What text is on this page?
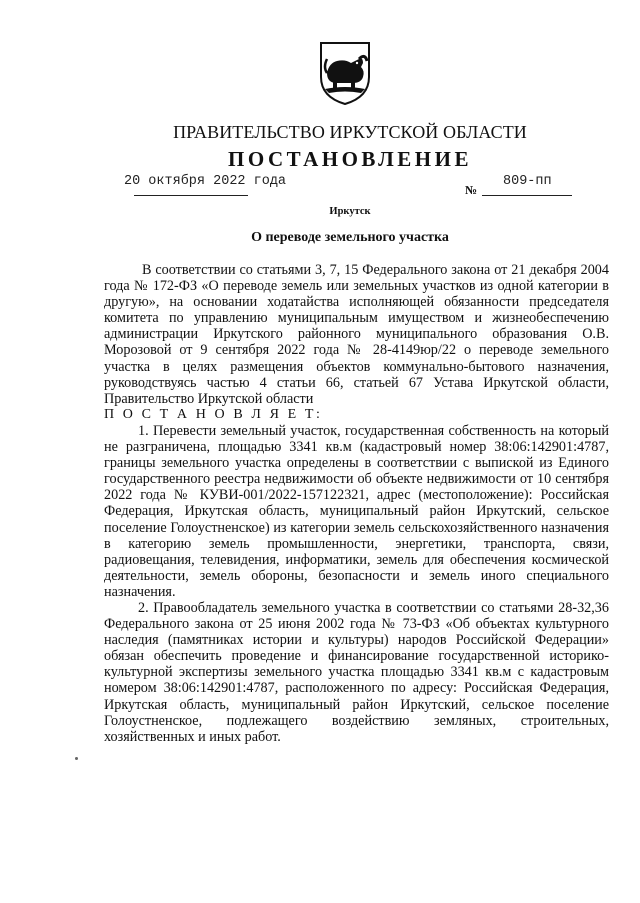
ПРАВИТЕЛЬСТВО ИРКУТСКОЙ ОБЛАСТИ
ПОСТАНОВЛЕНИЕ
20 октября 2022 года
№
809-пп
Иркутск
О переводе земельного участка

В соответствии со статьями 3, 7, 15 Федерального закона от 21 декабря 2004 года № 172-ФЗ «О переводе земель или земельных участков из одной категории в другую», на основании ходатайства исполняющей обязанности председателя комитета по управлению муниципальным имуществом и жизнеобеспечению администрации Иркутского районного муниципального образования О.В. Морозовой от 9 сентября 2022 года № 28-4149юр/22 о переводе земельного участка в целях размещения объектов коммунально-бытового назначения, руководствуясь частью 4 статьи 66, статьей 67 Устава Иркутской области, Правительство Иркутской области

П О С Т А Н О В Л Я Е Т:

1. Перевести земельный участок, государственная собственность на который не разграничена, площадью 3341 кв.м (кадастровый номер 38:06:142901:4787, границы земельного участка определены в соответствии с выпиской из Единого государственного реестра недвижимости об объекте недвижимости от 10 сентября 2022 года № КУВИ-001/2022-157122321, адрес (местоположение): Российская Федерация, Иркутская область, муниципальный район Иркутский, сельское поселение Голоустненское) из категории земель сельскохозяйственного назначения в категорию земель промышленности, энергетики, транспорта, связи, радиовещания, телевидения, информатики, земель для обеспечения космической деятельности, земель обороны, безопасности и земель иного специального назначения.

2. Правообладатель земельного участка в соответствии со статьями 28-32,36 Федерального закона от 25 июня 2002 года № 73-ФЗ «Об объектах культурного наследия (памятниках истории и культуры) народов Российской Федерации» обязан обеспечить проведение и финансирование государственной историко-культурной экспертизы земельного участка площадью 3341 кв.м с кадастровым номером 38:06:142901:4787, расположенного по адресу: Российская Федерация, Иркутская область, муниципальный район Иркутский, сельское поселение Голоустненское, подлежащего воздействию земляных, строительных, хозяйственных и иных работ.
